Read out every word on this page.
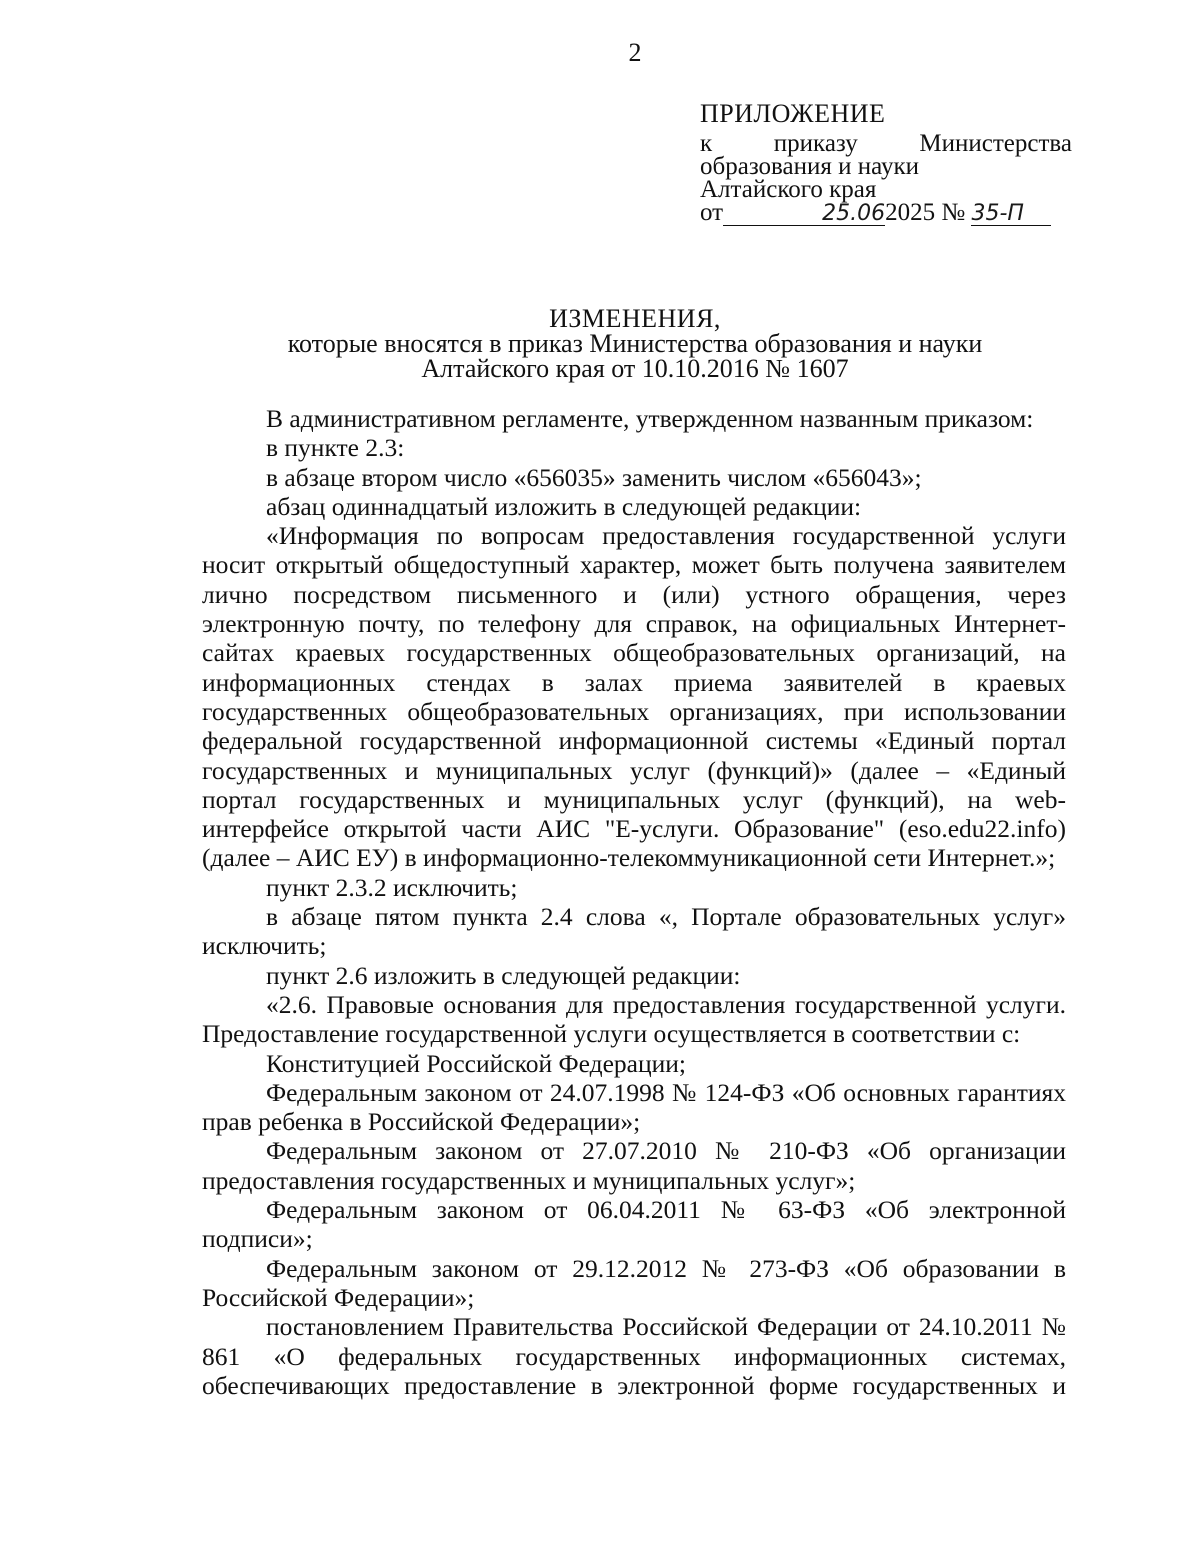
2
ПРИЛОЖЕНИЕ
к приказу Министерства
образования и науки
Алтайского края
от	25.062025 № 35-П
ИЗМЕНЕНИЯ,
которые вносятся в приказ Министерства образования и науки
Алтайского края от 10.10.2016 № 1607

В административном регламенте, утвержденном названным приказом:

в пункте 2.3:

в абзаце втором число «656035» заменить числом «656043»;

абзац одиннадцатый изложить в следующей редакции:

«Информация по вопросам предоставления государственной услуги носит открытый общедоступный характер, может быть получена заявителем лично посредством письменного и (или) устного обращения, через электронную почту, по телефону для справок, на официальных Интернет-сайтах краевых государственных общеобразовательных организаций, на информационных стендах в залах приема заявителей в краевых государственных общеобразовательных организациях, при использовании федеральной государственной информационной системы «Единый портал государственных и муниципальных услуг (функций)» (далее – «Единый портал государственных и муниципальных услуг (функций), на web-интерфейсе открытой части АИС "Е-услуги. Образование" (eso.edu22.info) (далее – АИС ЕУ) в информационно-телекоммуникационной сети Интернет.»;

пункт 2.3.2 исключить;

в абзаце пятом пункта 2.4 слова «, Портале образовательных услуг» исключить;

пункт 2.6 изложить в следующей редакции:

«2.6. Правовые основания для предоставления государственной услуги. Предоставление государственной услуги осуществляется в соответствии с:

Конституцией Российской Федерации;

Федеральным законом от 24.07.1998 № 124-ФЗ «Об основных гарантиях прав ребенка в Российской Федерации»;

Федеральным законом от 27.07.2010 № 210-ФЗ «Об организации предоставления государственных и муниципальных услуг»;

Федеральным законом от 06.04.2011 № 63-ФЗ «Об электронной подписи»;

Федеральным законом от 29.12.2012 № 273-ФЗ «Об образовании в Российской Федерации»;

постановлением Правительства Российской Федерации от 24.10.2011 № 861 «О федеральных государственных информационных системах, обеспечивающих предоставление в электронной форме государственных и
